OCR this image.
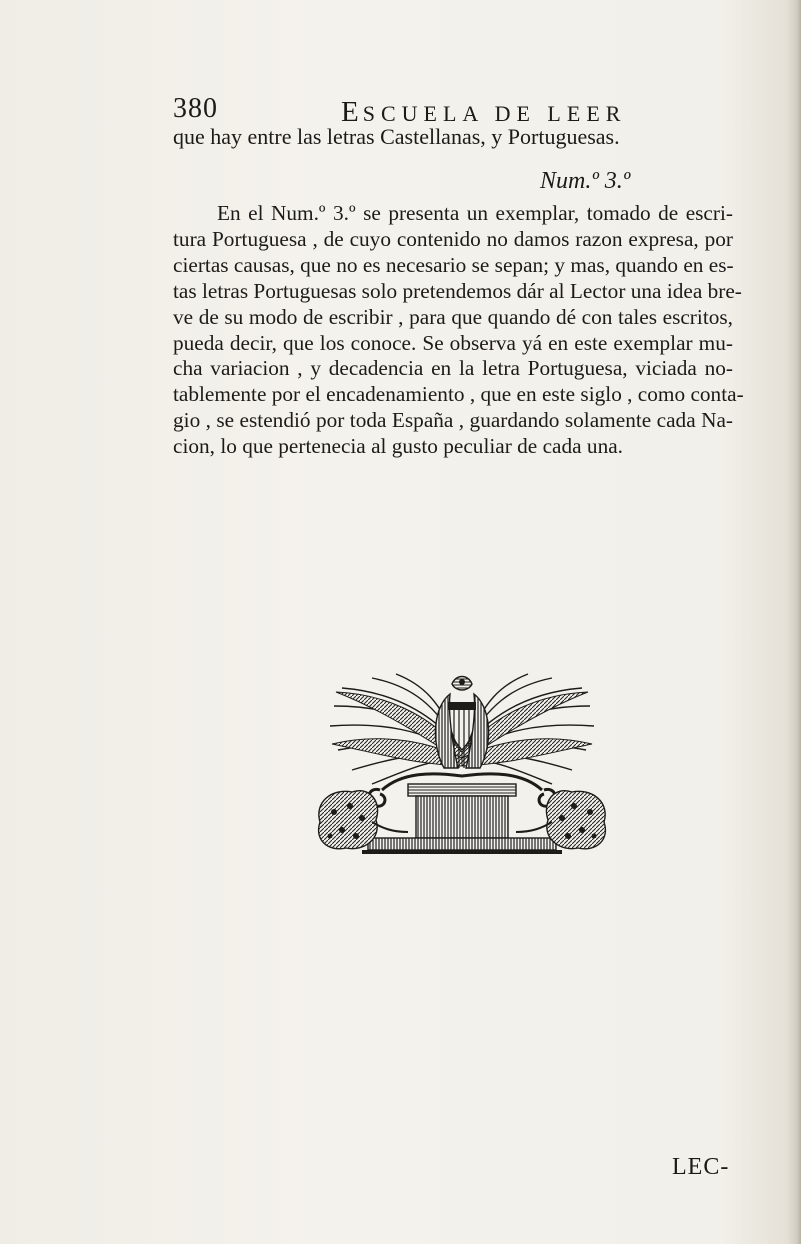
380	ESCUELA DE LEER
que hay entre las letras Castellanas, y Portuguesas.
Num.º 3.º
En el Num.º 3.º se presenta un exemplar, tomado de escri-
tura Portuguesa , de cuyo contenido no damos razon expresa, por
ciertas causas, que no es necesario se sepan; y mas, quando en es-
tas letras Portuguesas solo pretendemos dár al Lector una idea bre-
ve de su modo de escribir , para que quando dé con tales escritos,
pueda decir, que los conoce. Se observa yá en este exemplar mu-
cha variacion , y decadencia en la letra Portuguesa, viciada no-
tablemente por el encadenamiento , que en este siglo , como conta-
gio , se estendió por toda España , guardando solamente cada Na-
cion, lo que pertenecia al gusto peculiar de cada una.
LEC-
